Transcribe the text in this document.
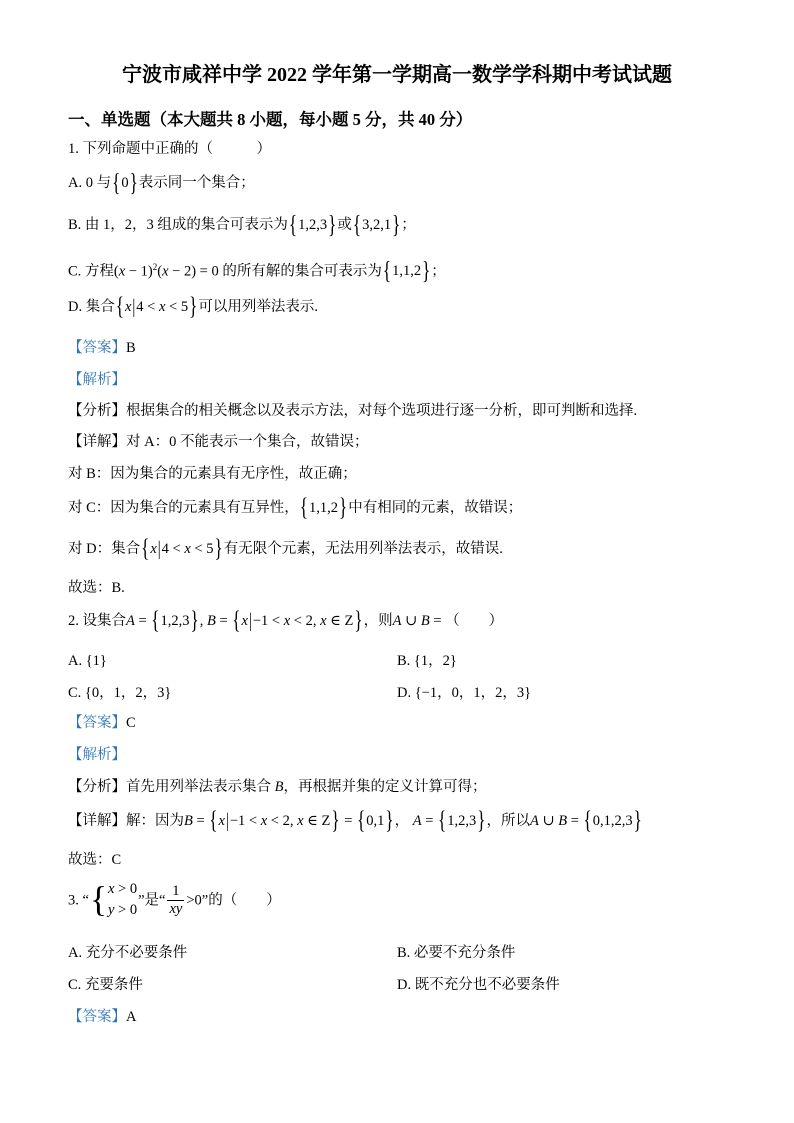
宁波市咸祥中学 2022 学年第一学期高一数学学科期中考试试题
一、单选题（本大题共 8 小题，每小题 5 分，共 40 分）
1. 下列命题中正确的（　　　）
A. 0 与{0}表示同一个集合；
B. 由 1，2，3 组成的集合可表示为{1,2,3}或{3,2,1}；
C. 方程$(x - 1)^2(x - 2) = 0$ 的所有解的集合可表示为{1,1,2}；
D. 集合{x|4 < x < 5}可以用列举法表示.
【答案】B
【解析】
【分析】根据集合的相关概念以及表示方法，对每个选项进行逐一分析，即可判断和选择.
【详解】对 A：0 不能表示一个集合，故错误；
对 B：因为集合的元素具有无序性，故正确；
对 C：因为集合的元素具有互异性，{1,1,2}中有相同的元素，故错误；
对 D：集合{x|4 < x < 5}有无限个元素，无法用列举法表示，故错误.
故选：B.
2. 设集合A = {1,2,3}, B = {x|−1 < x < 2, x ∈ Z}，则A ∪ B = （　　）
A. {1}	B. {1，2}
C. {0，1，2，3}	D. {−1，0，1，2，3}
【答案】C
【解析】
【分析】首先用列举法表示集合 B，再根据并集的定义计算可得；
【详解】解：因为B = {x|−1 < x < 2, x ∈ Z} = {0,1}， A = {1,2,3}，所以A ∪ B = {0,1,2,3}
故选：C
3. “ { x > 0
y > 0
”是“ $\frac{1}{xy} >0$”的（　　）
A. 充分不必要条件	B. 必要不充分条件
C. 充要条件	D. 既不充分也不必要条件
【答案】A
